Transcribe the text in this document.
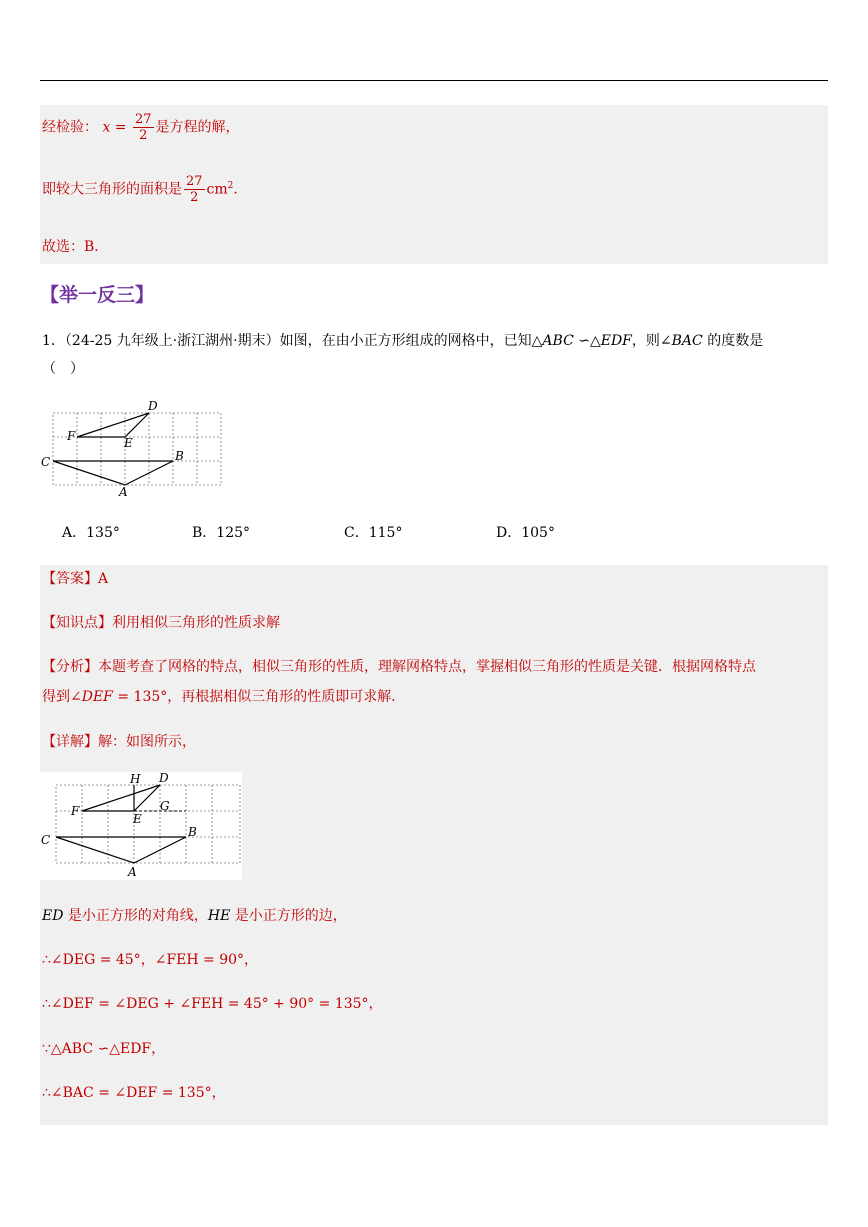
经检验： $x = \frac{27}{2}$ 是方程的解，
即较大三角形的面积是 $\frac{27}{2} cm^2$.
故选：B．
【举一反三】
1．（24-25 九年级上·浙江湖州·期末）如图，在由小正方形组成的网格中，已知△ABC ∽△EDF，则∠BAC 的度数是
（　）
D
F	E
C	B
A
A．135°	B．125°	C．115°	D．105°
【答案】A
【知识点】利用相似三角形的性质求解
【分析】本题考查了网格的特点，相似三角形的性质，理解网格特点，掌握相似三角形的性质是关键．根据网格特点
得到∠DEF = 135°，再根据相似三角形的性质即可求解．
【详解】解：如图所示，
H D
F	G
E
C
B
A
ED 是小正方形的对角线，HE 是小正方形的边，
∴∠DEG = 45°，∠FEH = 90°，
∴∠DEF = ∠DEG + ∠FEH = 45° + 90° = 135°，
∵△ABC ∽△EDF，
∴∠BAC = ∠DEF = 135°，
